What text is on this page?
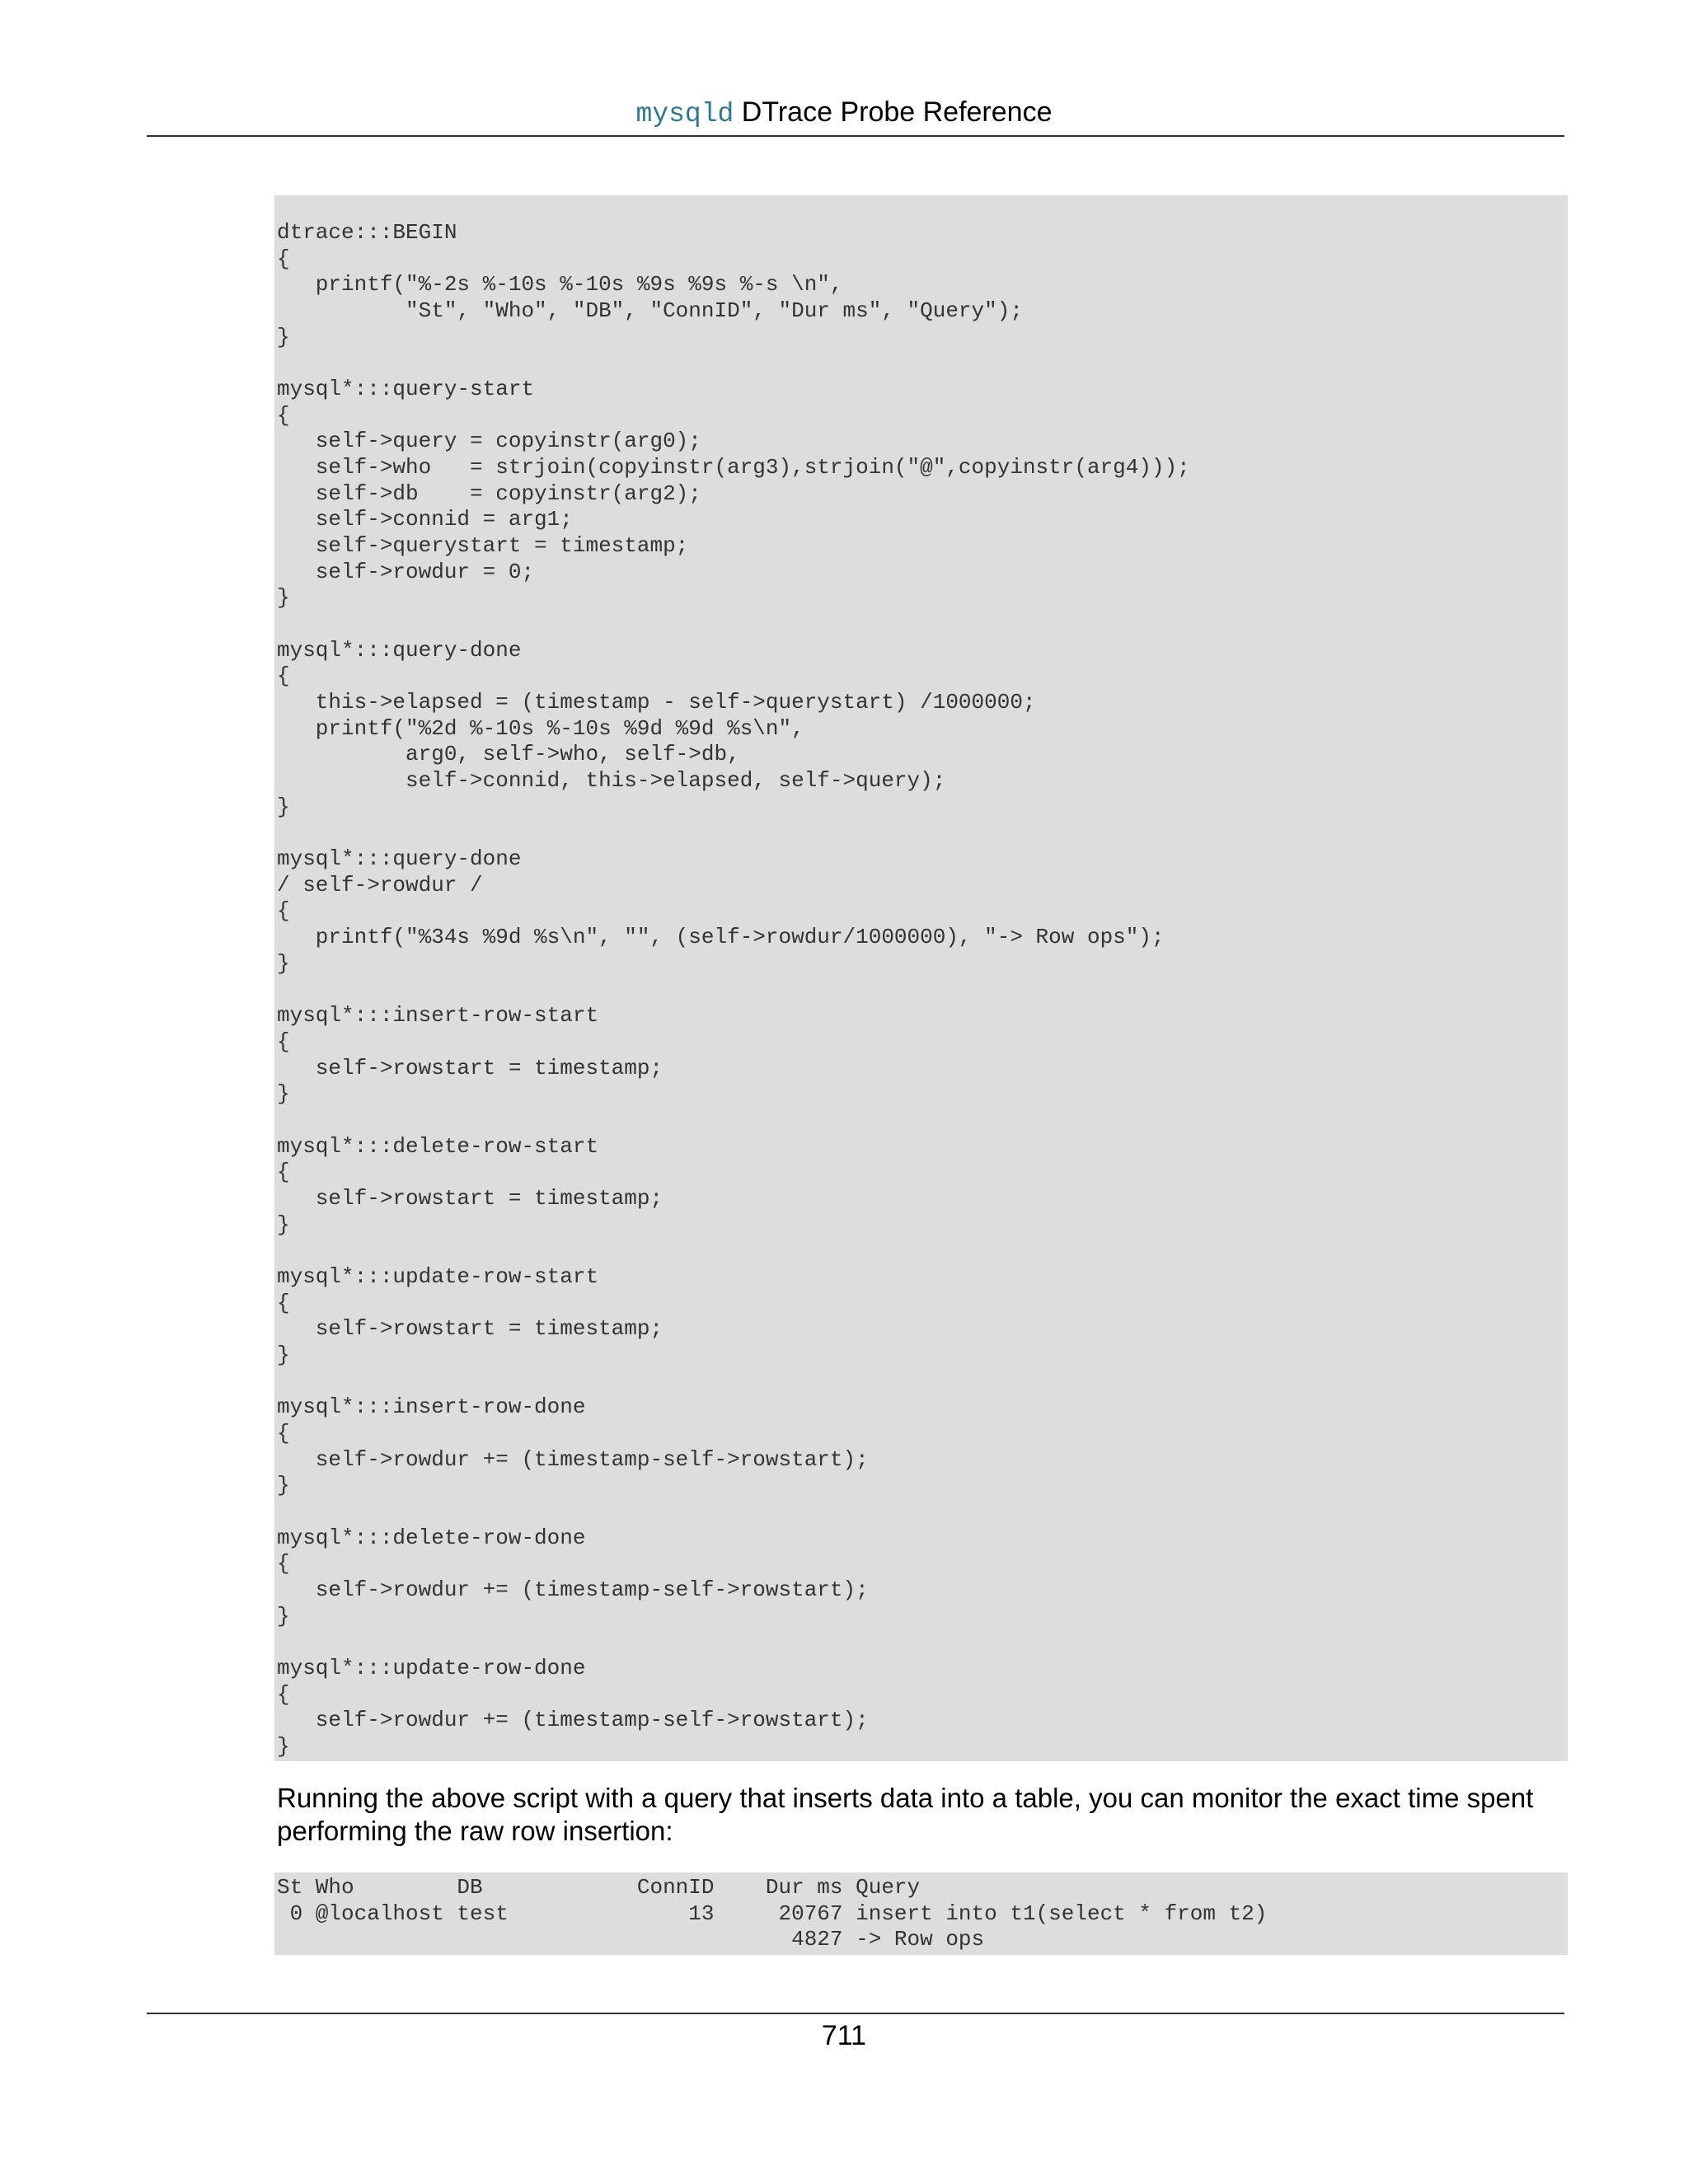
mysqld DTrace Probe Reference
dtrace:::BEGIN
{
printf("%-2s %-10s %-10s %9s %9s %-s \n",
"St", "Who", "DB", "ConnID", "Dur ms", "Query");
}

mysql*:::query-start
{
self->query = copyinstr(arg0);
self->who   = strjoin(copyinstr(arg3),strjoin("@",copyinstr(arg4)));
self->db    = copyinstr(arg2);
self->connid = arg1;
self->querystart = timestamp;
self->rowdur = 0;
}

mysql*:::query-done
{
this->elapsed = (timestamp - self->querystart) /1000000;
printf("%2d %-10s %-10s %9d %9d %s\n",
arg0, self->who, self->db,
self->connid, this->elapsed, self->query);
}

mysql*:::query-done
/ self->rowdur /
{
printf("%34s %9d %s\n", "", (self->rowdur/1000000), "-> Row ops");
}

mysql*:::insert-row-start
{
self->rowstart = timestamp;
}

mysql*:::delete-row-start
{
self->rowstart = timestamp;
}

mysql*:::update-row-start
{
self->rowstart = timestamp;
}

mysql*:::insert-row-done
{
self->rowdur += (timestamp-self->rowstart);
}

mysql*:::delete-row-done
{
self->rowdur += (timestamp-self->rowstart);
}

mysql*:::update-row-done
{
self->rowdur += (timestamp-self->rowstart);
}

Running the above script with a query that inserts data into a table, you can monitor the exact time spent performing the raw row insertion:

St Who        DB            ConnID    Dur ms Query
0 @localhost test              13     20767 insert into t1(select * from t2)
4827 -> Row ops
711
